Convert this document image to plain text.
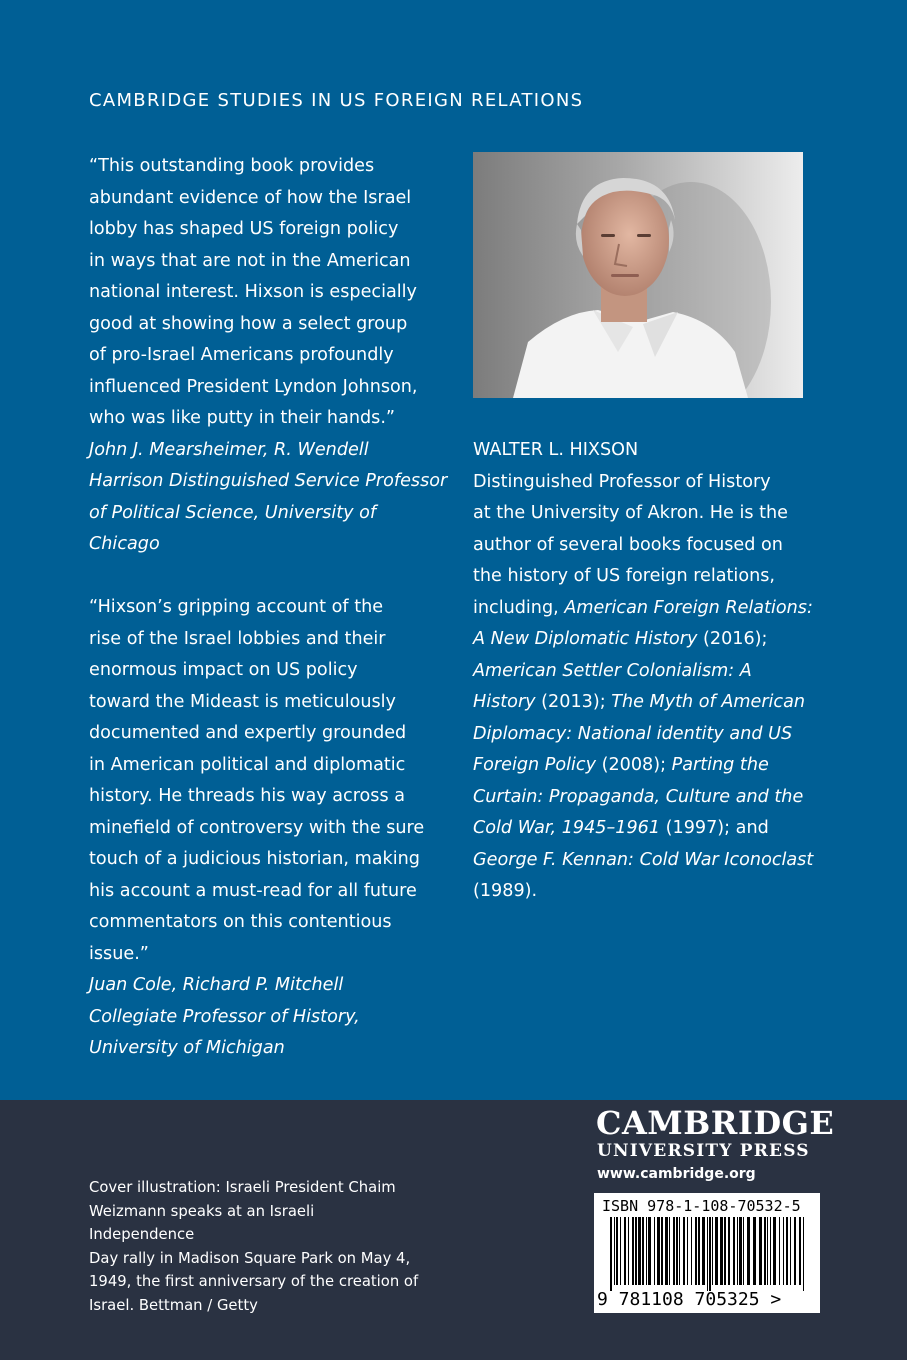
CAMBRIDGE STUDIES IN US FOREIGN RELATIONS

“This outstanding book provides

abundant evidence of how the Israel

lobby has shaped US foreign policy

in ways that are not in the American

national interest. Hixson is especially

good at showing how a select group

of pro-Israel Americans profoundly

influenced President Lyndon Johnson,

who was like putty in their hands.”

John J. Mearsheimer, R. Wendell

Harrison Distinguished Service Professor

of Political Science, University of Chicago

“Hixson’s gripping account of the

rise of the Israel lobbies and their

enormous impact on US policy

toward the Mideast is meticulously

documented and expertly grounded

in American political and diplomatic

history. He threads his way across a

minefield of controversy with the sure

touch of a judicious historian, making

his account a must-read for all future

commentators on this contentious

issue.”

Juan Cole, Richard P. Mitchell

Collegiate Professor of History,

University of Michigan

WALTER L. HIXSON

Distinguished Professor of History

at the University of Akron. He is the

author of several books focused on

the history of US foreign relations,

including, American Foreign Relations:

A New Diplomatic History (2016);

American Settler Colonialism: A

History (2013); The Myth of American

Diplomacy: National identity and US

Foreign Policy (2008); Parting the

Curtain: Propaganda, Culture and the

Cold War, 1945–1961 (1997); and

George F. Kennan: Cold War Iconoclast

(1989).

Cover illustration: Israeli President Chaim
Weizmann speaks at an Israeli Independence
Day rally in Madison Square Park on May 4,
1949, the first anniversary of the creation of
Israel. Bettman / Getty
CAMBRIDGE
UNIVERSITY PRESS
www.cambridge.org
ISBN 978-1-108-70532-5
9 781108 705325 >
